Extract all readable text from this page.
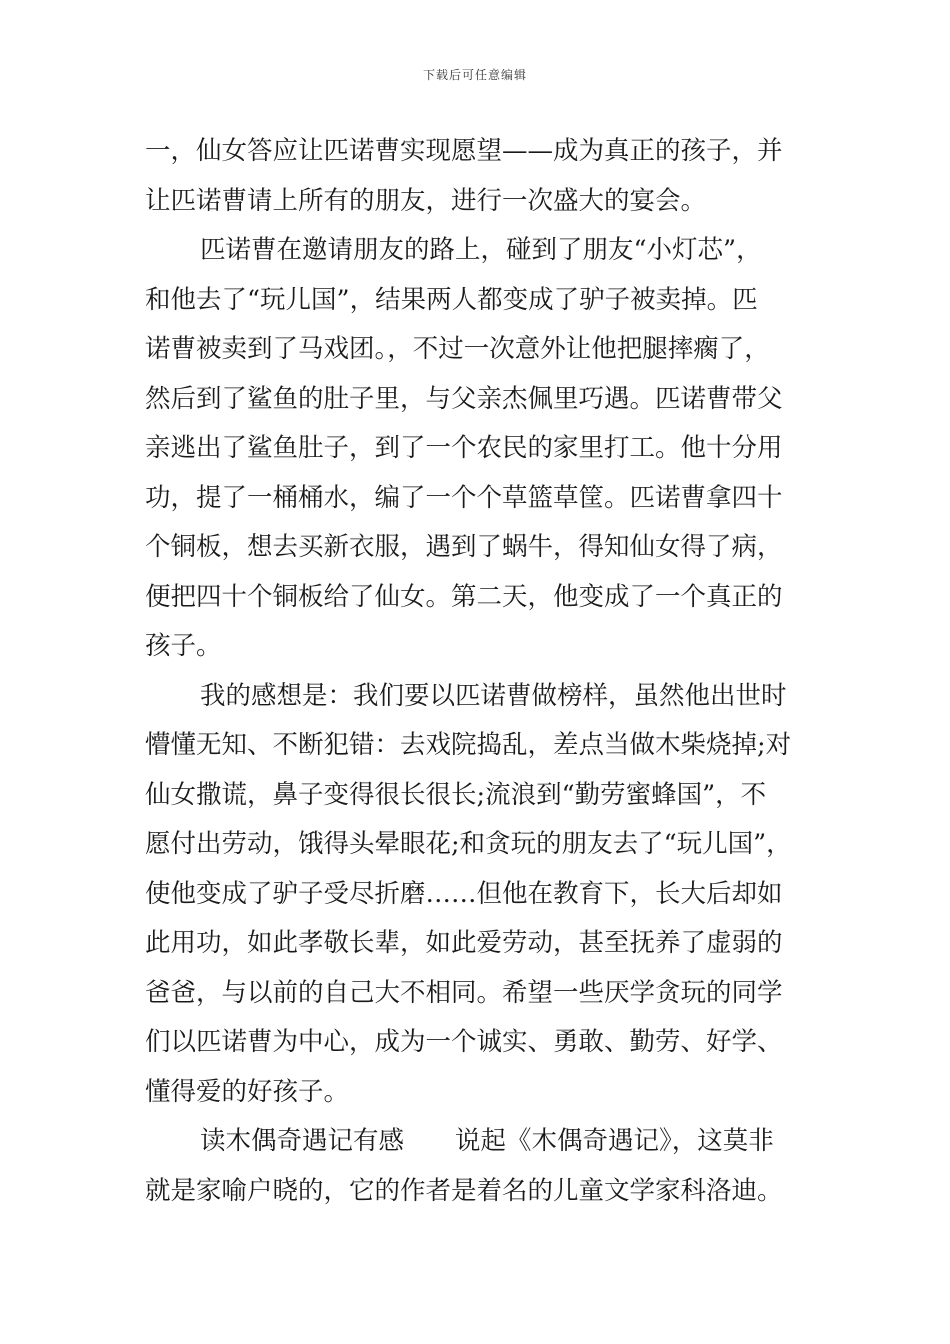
下载后可任意编辑
一，仙女答应让匹诺曹实现愿望——成为真正的孩子，并
让匹诺曹请上所有的朋友，进行一次盛大的宴会。
匹诺曹在邀请朋友的路上，碰到了朋友“小灯芯”，
和他去了“玩儿国”，结果两人都变成了驴子被卖掉。匹
诺曹被卖到了马戏团。，不过一次意外让他把腿摔瘸了，
然后到了鲨鱼的肚子里，与父亲杰佩里巧遇。匹诺曹带父
亲逃出了鲨鱼肚子，到了一个农民的家里打工。他十分用
功，提了一桶桶水，编了一个个草篮草筐。匹诺曹拿四十
个铜板，想去买新衣服，遇到了蜗牛，得知仙女得了病，
便把四十个铜板给了仙女。第二天，他变成了一个真正的
孩子。
我的感想是：我们要以匹诺曹做榜样，虽然他出世时
懵懂无知、不断犯错：去戏院捣乱，差点当做木柴烧掉;对
仙女撒谎，鼻子变得很长很长;流浪到“勤劳蜜蜂国”，不
愿付出劳动，饿得头晕眼花;和贪玩的朋友去了“玩儿国”，
使他变成了驴子受尽折磨……但他在教育下，长大后却如
此用功，如此孝敬长辈，如此爱劳动，甚至抚养了虚弱的
爸爸，与以前的自己大不相同。希望一些厌学贪玩的同学
们以匹诺曹为中心，成为一个诚实、勇敢、勤劳、好学、
懂得爱的好孩子。
读木偶奇遇记有感　　说起《木偶奇遇记》，这莫非
就是家喻户晓的，它的作者是着名的儿童文学家科洛迪。
